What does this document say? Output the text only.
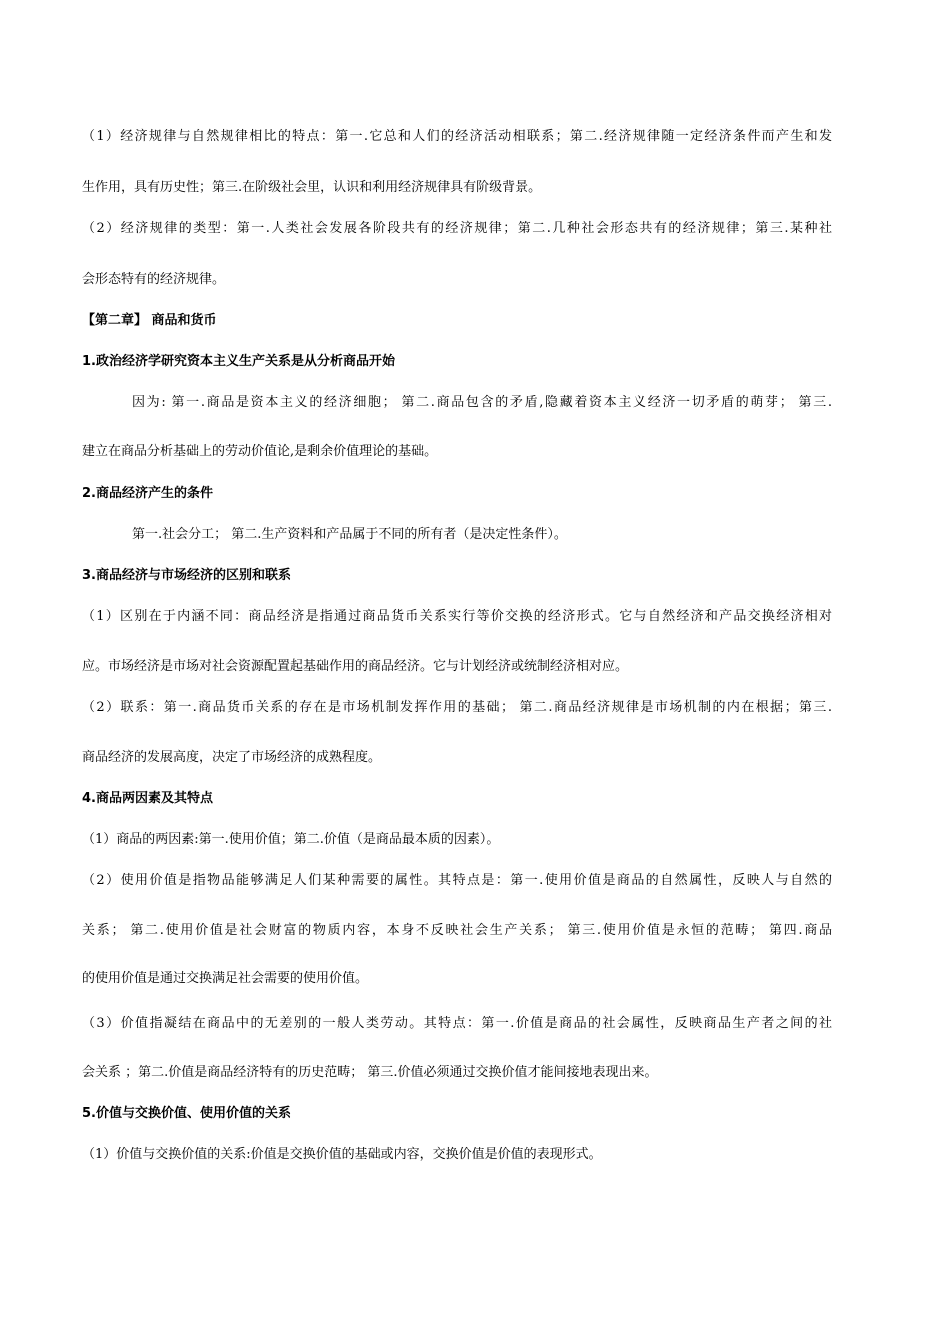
（1）经济规律与自然规律相比的特点：第一.它总和人们的经济活动相联系；第二.经济规律随一定经济条件而产生和发
生作用，具有历史性；第三.在阶级社会里，认识和利用经济规律具有阶级背景。
（2）经济规律的类型：第一.人类社会发展各阶段共有的经济规律；第二.几种社会形态共有的经济规律；第三.某种社
会形态特有的经济规律。
【第二章】 商品和货币
1.政治经济学研究资本主义生产关系是从分析商品开始
因为: 第一.商品是资本主义的经济细胞； 第二.商品包含的矛盾,隐藏着资本主义经济一切矛盾的萌芽； 第三.
建立在商品分析基础上的劳动价值论,是剩余价值理论的基础。
2.商品经济产生的条件
第一.社会分工； 第二.生产资料和产品属于不同的所有者（是决定性条件）。
3.商品经济与市场经济的区别和联系
（1）区别在于内涵不同：商品经济是指通过商品货币关系实行等价交换的经济形式。它与自然经济和产品交换经济相对
应。市场经济是市场对社会资源配置起基础作用的商品经济。它与计划经济或统制经济相对应。
（2）联系：第一.商品货币关系的存在是市场机制发挥作用的基础； 第二.商品经济规律是市场机制的内在根据；第三.
商品经济的发展高度，决定了市场经济的成熟程度。
4.商品两因素及其特点
（1）商品的两因素:第一.使用价值；第二.价值（是商品最本质的因素）。
（2）使用价值是指物品能够满足人们某种需要的属性。其特点是：第一.使用价值是商品的自然属性，反映人与自然的
关系； 第二.使用价值是社会财富的物质内容，本身不反映社会生产关系； 第三.使用价值是永恒的范畴； 第四.商品
的使用价值是通过交换满足社会需要的使用价值。
（3）价值指凝结在商品中的无差别的一般人类劳动。其特点：第一.价值是商品的社会属性，反映商品生产者之间的社
会关系 ；第二.价值是商品经济特有的历史范畴； 第三.价值必须通过交换价值才能间接地表现出来。
5.价值与交换价值、使用价值的关系
（1）价值与交换价值的关系:价值是交换价值的基础或内容，交换价值是价值的表现形式。
